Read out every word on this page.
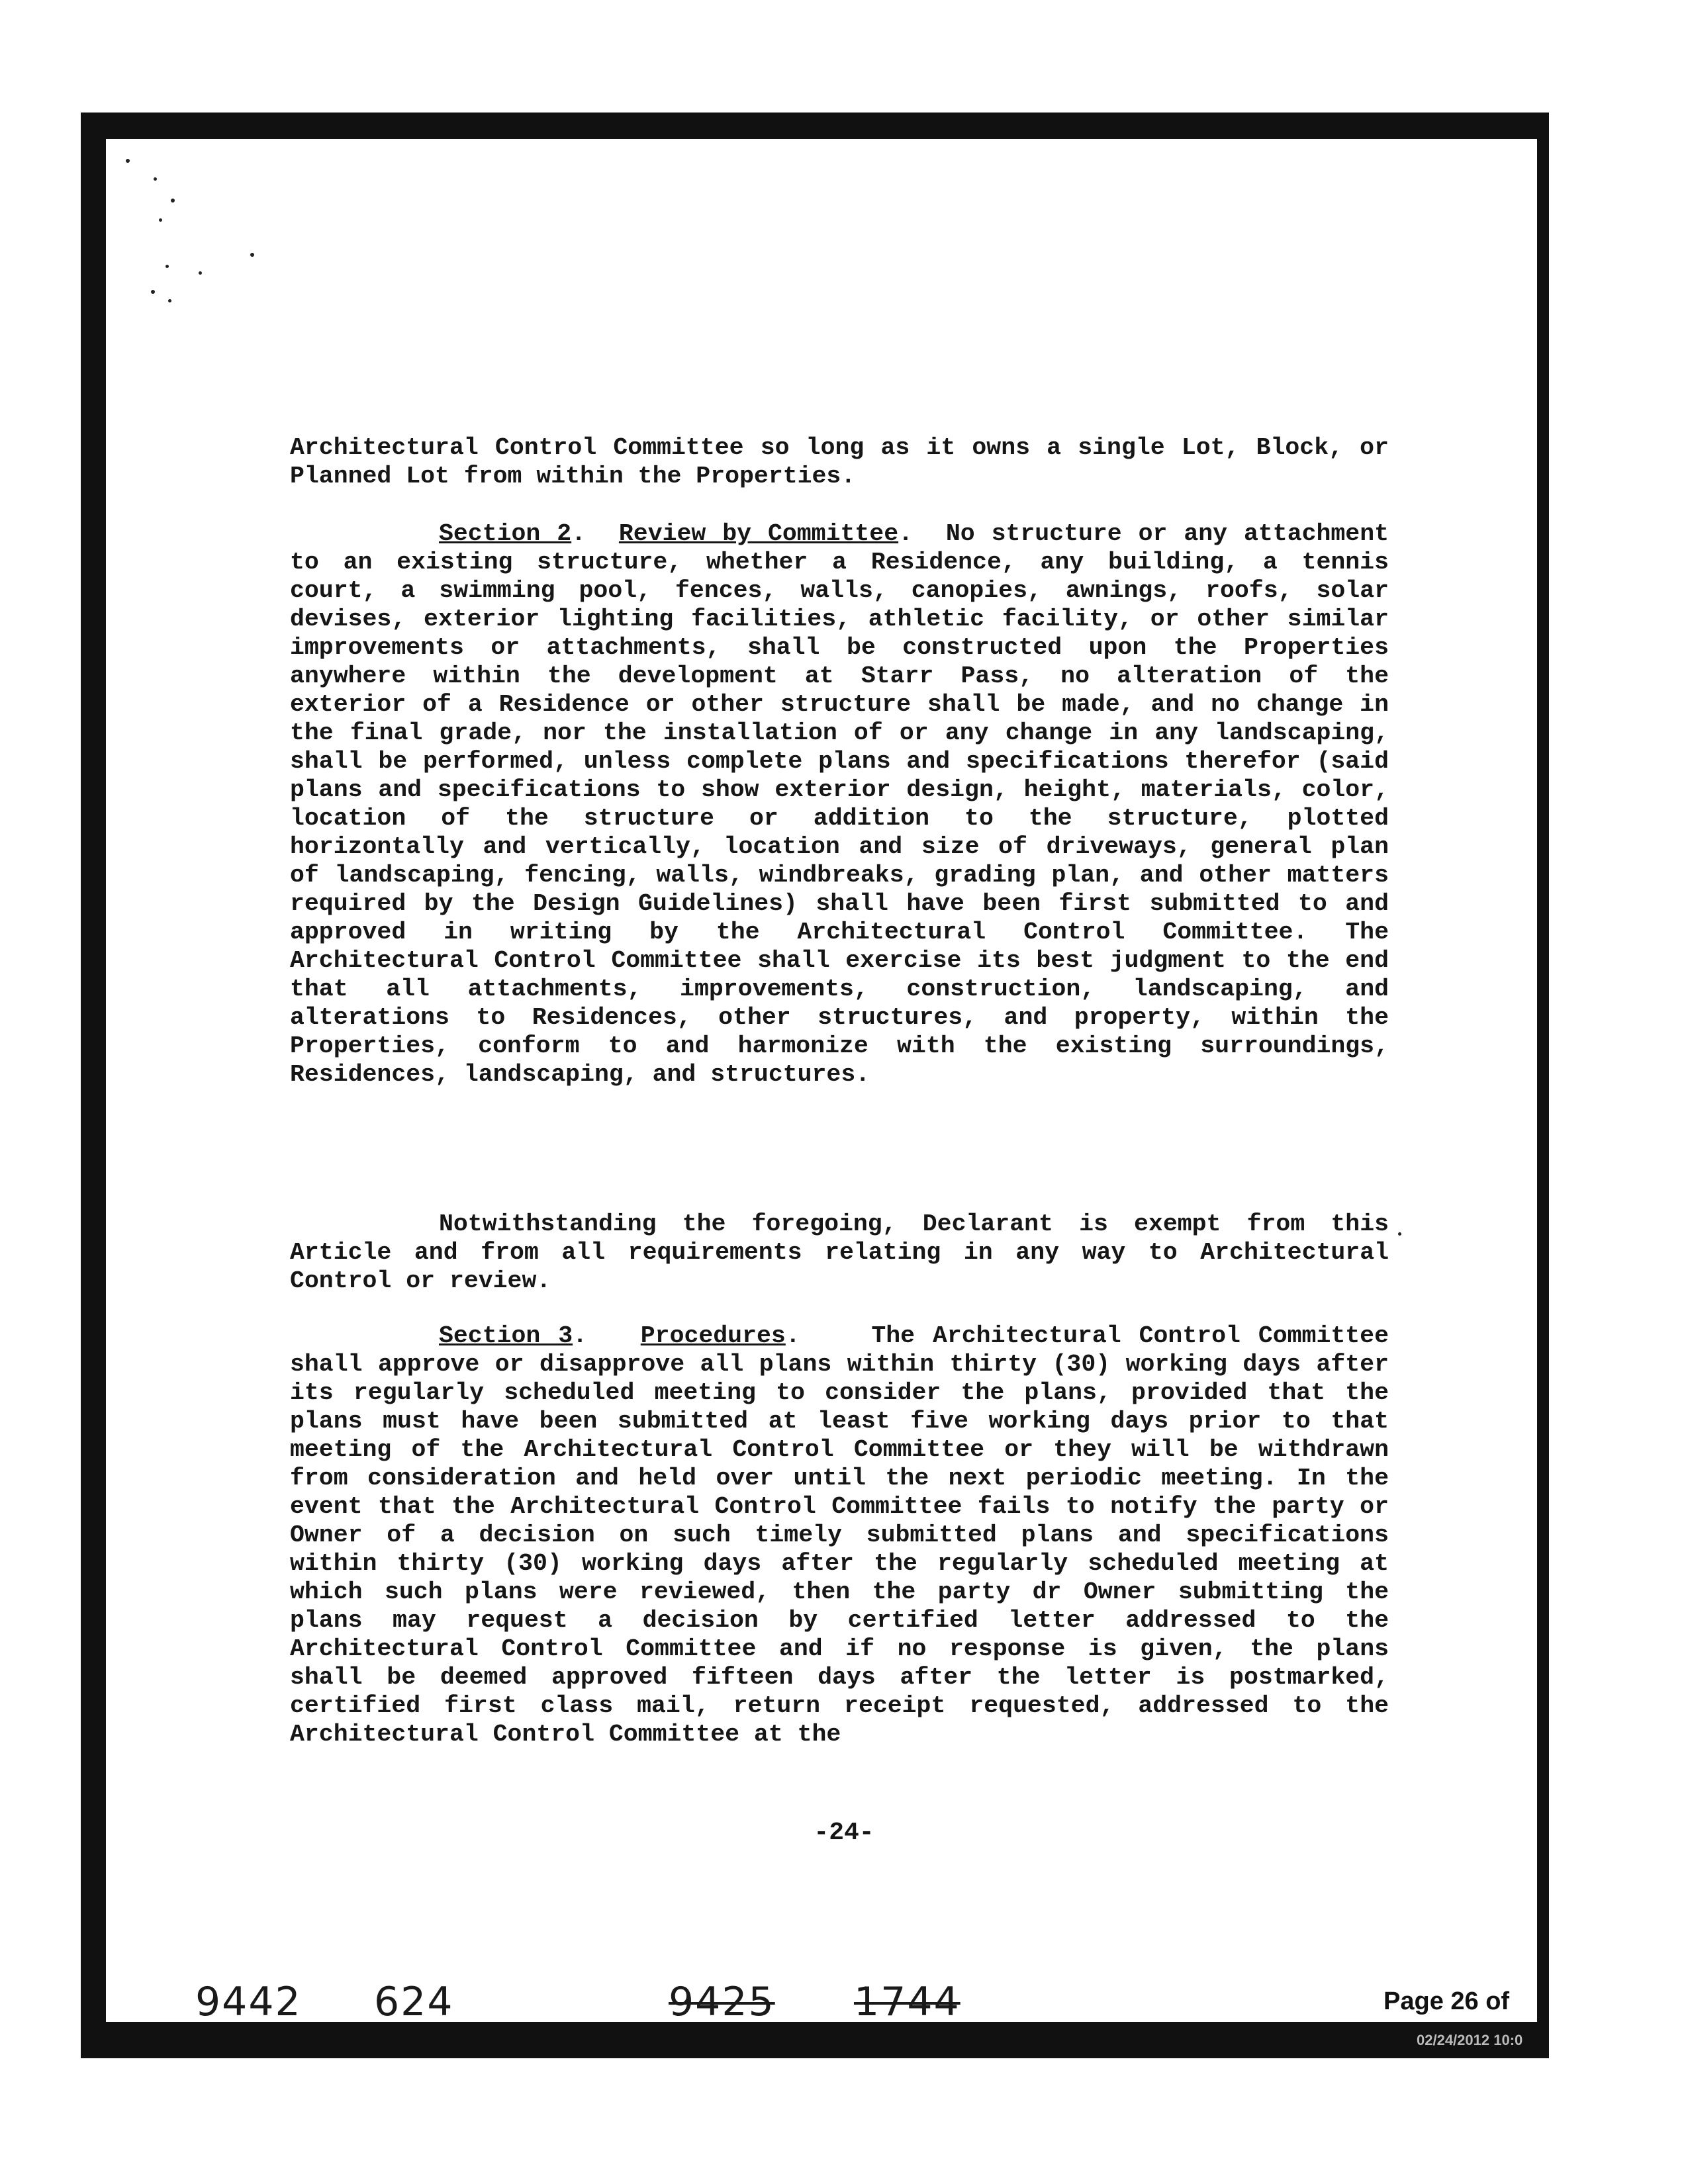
Architectural Control Committee so long as it owns a single Lot, Block, or Planned Lot from within the Properties.

Section 2.  Review by Committee.  No structure or any attachment to an existing structure, whether a Residence, any building, a tennis court, a swimming pool, fences, walls, canopies, awnings, roofs, solar devises, exterior lighting facilities, athletic facility, or other similar improvements or attachments, shall be constructed upon the Properties anywhere within the development at Starr Pass, no alteration of the exterior of a Residence or other structure shall be made, and no change in the final grade, nor the installation of or any change in any landscaping, shall be performed, unless complete plans and specifications therefor (said plans and specifications to show exterior design, height, materials, color, location of the structure or addition to the structure, plotted horizontally and vertically, location and size of driveways, general plan of landscaping, fencing, walls, windbreaks, grading plan, and other matters required by the Design Guidelines) shall have been first submitted to and approved in writing by the Architectural Control Committee. The Architectural Control Committee shall exercise its best judgment to the end that all attachments, improvements, construction, landscaping, and alterations to Residences, other structures, and property, within the Properties, conform to and harmonize with the existing surroundings, Residences, landscaping, and structures.

Notwithstanding the foregoing, Declarant is exempt from this Article and from all requirements relating in any way to Architectural Control or review.

Section 3.   Procedures.    The Architectural Control Committee shall approve or disapprove all plans within thirty (30) working days after its regularly scheduled meeting to consider the plans, provided that the plans must have been submitted at least five working days prior to that meeting of the Architectural Control Committee or they will be withdrawn from consideration and held over until the next periodic meeting. In the event that the Architectural Control Committee fails to notify the party or Owner of a decision on such timely submitted plans and specifications within thirty (30) working days after the regularly scheduled meeting at which such plans were reviewed, then the party dr Owner submitting the plans may request a decision by certified letter addressed to the Architectural Control Committee and if no response is given, the plans shall be deemed approved fifteen days after the letter is postmarked, certified first class mail, return receipt requested, addressed to the Architectural Control Committee at the

-24-
9442 624	9425 1744	Page 26 of
02/24/2012 10:0
